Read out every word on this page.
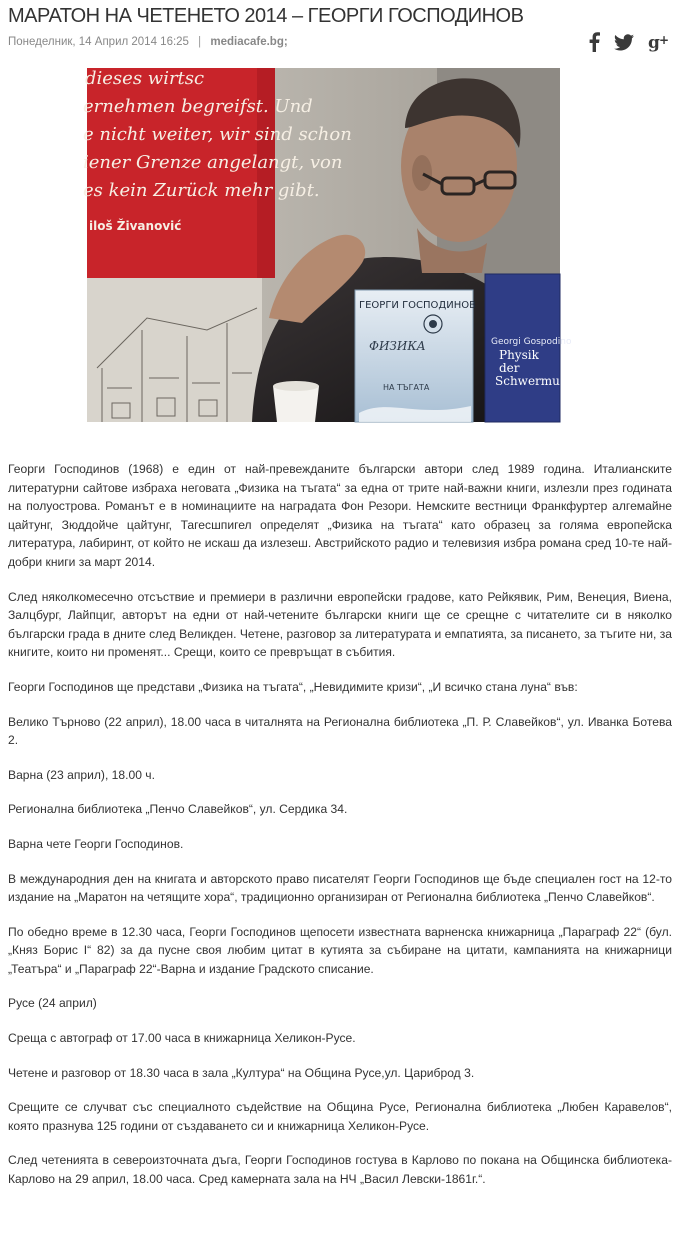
МАРАТОН НА ЧЕТЕНЕТО 2014 – ГЕОРГИ ГОСПОДИНОВ
Понеделник, 14 Април 2014 16:25 | mediacafe.bg;	g +
dieses wirtsc
ernehmen begreifst. Und
e nicht weiter, wir sind schon
iener Grenze angelangt, von
es kein Zurück mehr gibt.
iloš Živanović
ГЕОРГИ ГОСПОДИНОВ
ФИЗИКА
НА ТЪГАТА
Georgi Gospodino
Physik
der
Schwermu

Георги Господинов (1968) е един от най-превежданите български автори след 1989 година. Италианските литературни сайтове избраха неговата „Физика на тъгата“ за една от трите най-важни книги, излезли през годината на полуострова. Романът е в номинациите на наградата Фон Резори. Немските вестници Франкфуртер алгемайне цайтунг, Зюддойче цайтунг, Тагесшпигел определят „Физика на тъгата“ като образец за голяма европейска литература, лабиринт, от който не искаш да излезеш. Австрийското радио и телевизия избра романа сред 10-те най-добри книги за март 2014.

След няколкомесечно отсъствие и премиери в различни европейски градове, като Рейкявик, Рим, Венеция, Виена, Залцбург, Лайпциг, авторът на едни от най-четените български книги ще се срещне с читателите си в няколко български града в дните след Великден. Четене, разговор за литературата и емпатията, за писането, за тъгите ни, за книгите, които ни променят... Срещи, които се превръщат в събития.

Георги Господинов ще представи „Физика на тъгата“, „Невидимите кризи“, „И всичко стана луна“ във:

Велико Търново (22 април), 18.00 часа в читалнята на Регионална библиотека „П. Р. Славейков“, ул. Иванка Ботева 2.

Варна (23 април), 18.00 ч.

Регионална библиотека „Пенчо Славейков“, ул. Сердика 34.

Варна чете Георги Господинов.

В международния ден на книгата и авторското право писателят Георги Господинов ще бъде специален гост на 12-то издание на „Маратон на четящите хора“, традиционно организиран от Регионална библиотека „Пенчо Славейков“.

По обедно време в 12.30 часа, Георги Господинов щепосети известната варненска книжарница „Параграф 22“ (бул. „Княз Борис I“ 82) за да пусне своя любим цитат в кутията за събиране на цитати, кампанията на книжарници „Театъра“ и „Параграф 22“-Варна и издание Градското списание.

Русе (24 април)

Среща с автограф от 17.00 часа в книжарница Хеликон-Русе.

Четене и разговор от 18.30 часа в зала „Култура“ на Община Русе,ул. Цариброд 3.

Срещите се случват със специалното съдействие на Община Русе, Регионална библиотека „Любен Каравелов“, която празнува 125 години от създаването си и книжарница Хеликон-Русе.

След четенията в североизточната дъга, Георги Господинов гостува в Карлово по покана на Общинска библиотека-Карлово на 29 април, 18.00 часа. Сред камерната зала на НЧ „Васил Левски-1861г.“.
